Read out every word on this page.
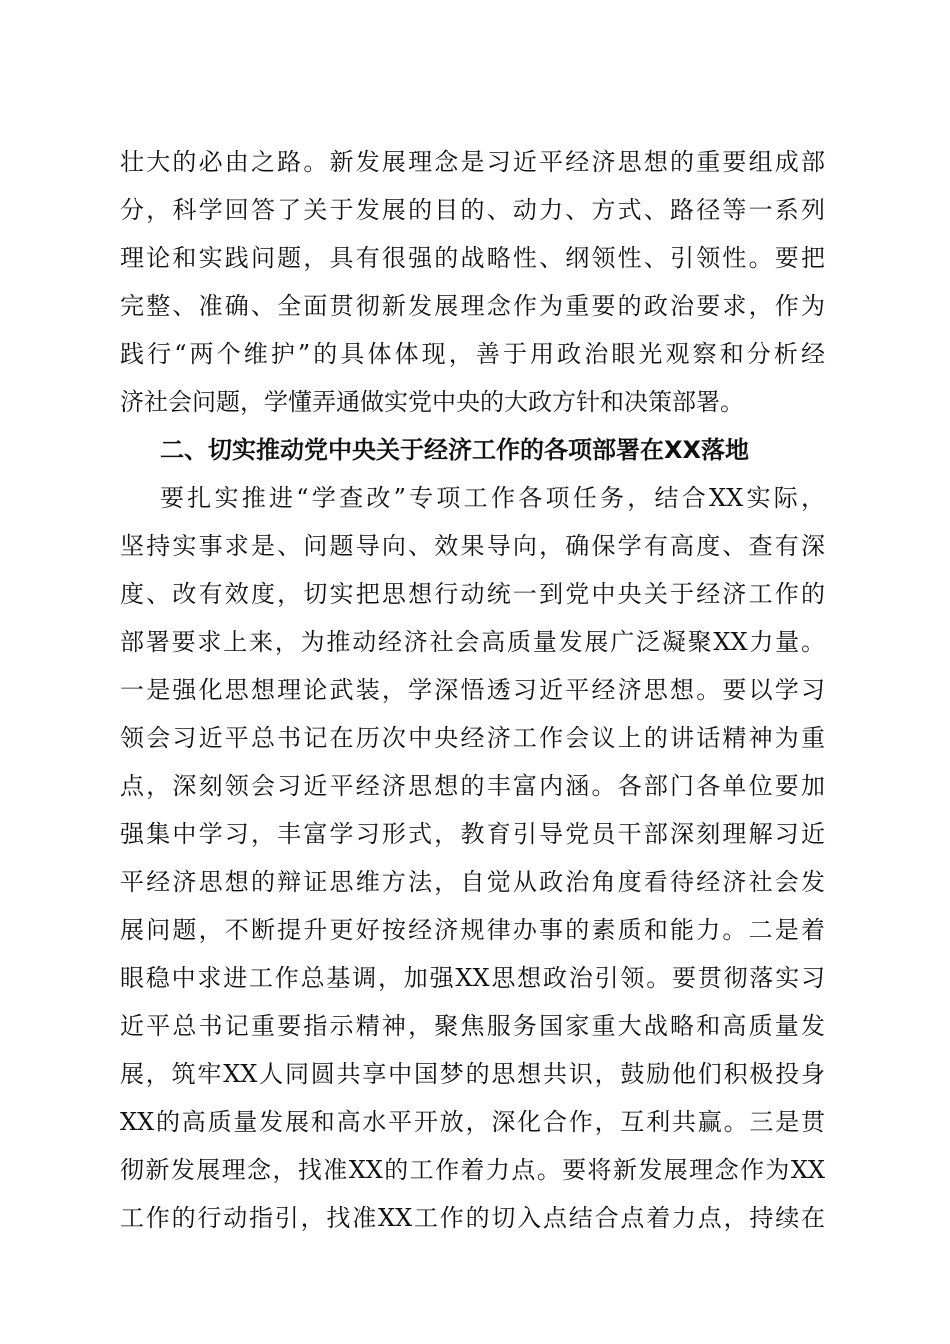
壮大的必由之路。新发展理念是习近平经济思想的重要组成部
分，科学回答了关于发展的目的、动力、方式、路径等一系列
理论和实践问题，具有很强的战略性、纲领性、引领性。要把
完整、准确、全面贯彻新发展理念作为重要的政治要求，作为
践行“两个维护”的具体体现，善于用政治眼光观察和分析经
济社会问题，学懂弄通做实党中央的大政方针和决策部署。
二、切实推动党中央关于经济工作的各项部署在XX落地
要扎实推进“学查改”专项工作各项任务，结合XX实际，
坚持实事求是、问题导向、效果导向，确保学有高度、查有深
度、改有效度，切实把思想行动统一到党中央关于经济工作的
部署要求上来，为推动经济社会高质量发展广泛凝聚XX力量。
一是强化思想理论武装，学深悟透习近平经济思想。要以学习
领会习近平总书记在历次中央经济工作会议上的讲话精神为重
点，深刻领会习近平经济思想的丰富内涵。各部门各单位要加
强集中学习，丰富学习形式，教育引导党员干部深刻理解习近
平经济思想的辩证思维方法，自觉从政治角度看待经济社会发
展问题，不断提升更好按经济规律办事的素质和能力。二是着
眼稳中求进工作总基调，加强XX思想政治引领。要贯彻落实习
近平总书记重要指示精神，聚焦服务国家重大战略和高质量发
展，筑牢XX人同圆共享中国梦的思想共识，鼓励他们积极投身
XX的高质量发展和高水平开放，深化合作，互利共赢。三是贯
彻新发展理念，找准XX的工作着力点。要将新发展理念作为XX
工作的行动指引，找准XX工作的切入点结合点着力点，持续在
